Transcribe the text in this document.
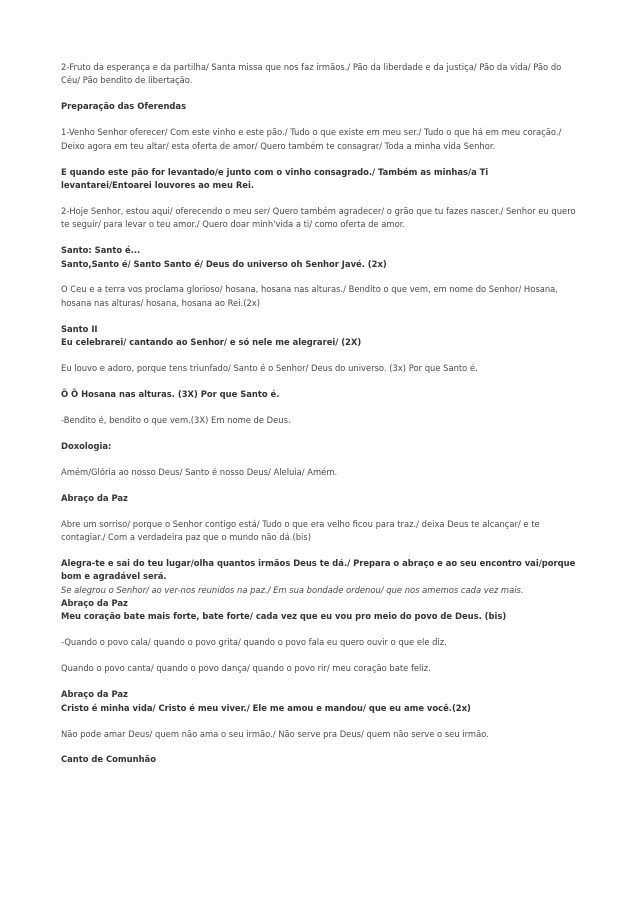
2-Fruto da esperança e da partilha/ Santa missa que nos faz irmãos./ Pão da liberdade e da justiça/ Pão da vida/ Pão do Céu/ Pão bendito de libertação.
Preparação das Oferendas
1-Venho Senhor oferecer/ Com este vinho e este pão./ Tudo o que existe em meu ser./ Tudo o que há em meu coração./ Deixo agora em teu altar/ esta oferta de amor/ Quero também te consagrar/ Toda a minha vida Senhor.
E quando este pão for levantado/e junto com o vinho consagrado./ Também as minhas/a Ti levantarei/Entoarei louvores ao meu Rei.
2-Hoje Senhor, estou aqui/ oferecendo o meu ser/ Quero também agradecer/ o grão que tu fazes nascer./ Senhor eu quero te seguir/ para levar o teu amor./ Quero doar minh'vida a ti/ como oferta de amor.
Santo: Santo é...
Santo,Santo é/ Santo Santo é/ Deus do universo oh Senhor Javé. (2x)
O Ceu e a terra vos proclama glorioso/ hosana, hosana nas alturas./ Bendito o que vem, em nome do Senhor/ Hosana, hosana nas alturas/ hosana, hosana ao Rei.(2x)
Santo II
Eu celebrarei/ cantando ao Senhor/ e só nele me alegrarei/ (2X)
Eu louvo e adoro, porque tens triunfado/ Santo é o Senhor/ Deus do universo. (3x) Por que Santo é.
Ô Ô Hosana nas alturas. (3X) Por que Santo é.
-Bendito é, bendito o que vem.(3X) Em nome de Deus.
Doxologia:
Amém/Glória ao nosso Deus/ Santo é nosso Deus/ Aleluia/ Amém.
Abraço da Paz
Abre um sorriso/ porque o Senhor contigo está/ Tudo o que era velho ficou para traz./ deixa Deus te alcançar/ e te contagiar./ Com a verdadeira paz que o mundo não dá.(bis)
Alegra-te e sai do teu lugar/olha quantos irmãos Deus te dá./ Prepara o abraço e ao seu encontro vai/porque bom e agradável será.
Se alegrou o Senhor/ ao ver-nos reunidos na paz./ Em sua bondade ordenou/ que nos amemos cada vez mais.
Abraço da Paz
Meu coração bate mais forte, bate forte/ cada vez que eu vou pro meio do povo de Deus. (bis)
-Quando o povo cala/ quando o povo grita/ quando o povo fala eu quero ouvir o que ele diz.
Quando o povo canta/ quando o povo dança/ quando o povo rir/ meu coração bate feliz.
Abraço da Paz
Cristo é minha vida/ Cristo é meu viver./ Ele me amou e mandou/ que eu ame você.(2x)
Não pode amar Deus/ quem não ama o seu irmão./ Não serve pra Deus/ quem não serve o seu irmão.
Canto de Comunhão
